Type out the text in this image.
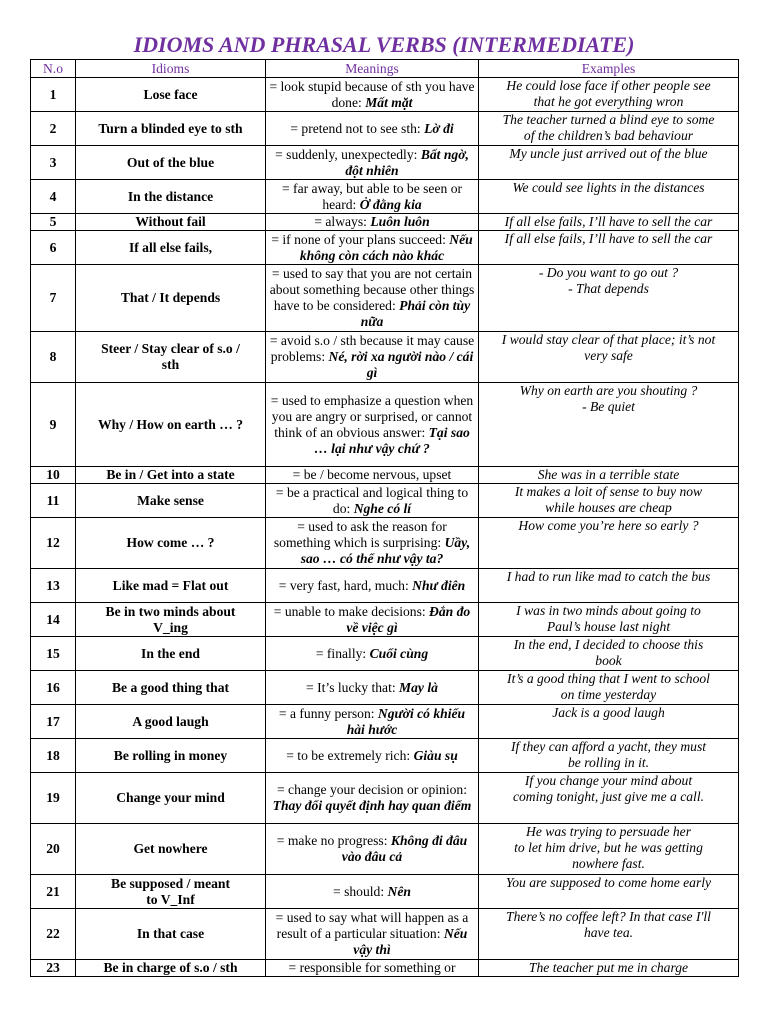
IDIOMS AND PHRASAL VERBS (INTERMEDIATE)
N.o	Idioms	Meanings	Examples
1	Lose face	= look stupid because of sth you have done: Mất mặt	He could lose face if other people see
that he got everything wron

2	Turn a blinded eye to sth	= pretend not to see sth: Lờ đi	The teacher turned a blind eye to some
of the children’s bad behaviour

3	Out of the blue	= suddenly, unexpectedly: Bất ngờ, đột nhiên	My uncle just arrived out of the blue

4	In the distance	= far away, but able to be seen or heard: Ở đằng kia	We could see lights in the distances

5	Without fail	= always: Luôn luôn	If all else fails, I’ll have to sell the car

6	If all else fails,	= if none of your plans succeed: Nếu không còn cách nào khác	If all else fails, I’ll have to sell the car

7	That / It depends	= used to say that you are not certain about something because other things have to be considered: Phải còn tùy nữa	- Do you want to go out ?
- That depends

8	Steer / Stay clear of s.o /
sth	= avoid s.o / sth because it may cause problems: Né, rời xa người nào / cái gì	I would stay clear of that place; it’s not
very safe

9	Why / How on earth … ?	= used to emphasize a question when you are angry or surprised, or cannot think of an obvious answer: Tại sao … lại như vậy chứ ?	Why on earth are you shouting ?
- Be quiet

10	Be in / Get into a state	= be / become nervous, upset	She was in a terrible state

11	Make sense	= be a practical and logical thing to do: Nghe có lí	It makes a loit of sense to buy now
while houses are cheap

12	How come … ?	= used to ask the reason for something which is surprising: Uầy, sao … có thể như vậy ta?	How come you’re here so early ?

13	Like mad = Flat out	= very fast, hard, much: Như điên	I had to run like mad to catch the bus

14	Be in two minds about
V_ing	= unable to make decisions: Đắn đo về việc gì	I was in two minds about going to
Paul’s house last night

15	In the end	= finally: Cuối cùng	In the end, I decided to choose this
book

16	Be a good thing that	= It’s lucky that: May là	It’s a good thing that I went to school
on time yesterday

17	A good laugh	= a funny person: Người có khiếu hài hước	Jack is a good laugh

18	Be rolling in money	= to be extremely rich: Giàu sụ	If they can afford a yacht, they must
be rolling in it.

19	Change your mind	= change your decision or opinion: Thay đổi quyết định hay quan điểm	If you change your mind about
coming tonight, just give me a call.

20	Get nowhere	= make no progress: Không đi đâu vào đâu cả	He was trying to persuade her
to let him drive, but he was getting
nowhere fast.

21	Be supposed / meant
to V_Inf	= should: Nên	You are supposed to come home early

22	In that case	= used to say what will happen as a result of a particular situation: Nếu vậy thì	There’s no coffee left? In that case I'll
have tea.

23	Be in charge of s.o / sth	= responsible for something or	The teacher put me in charge
